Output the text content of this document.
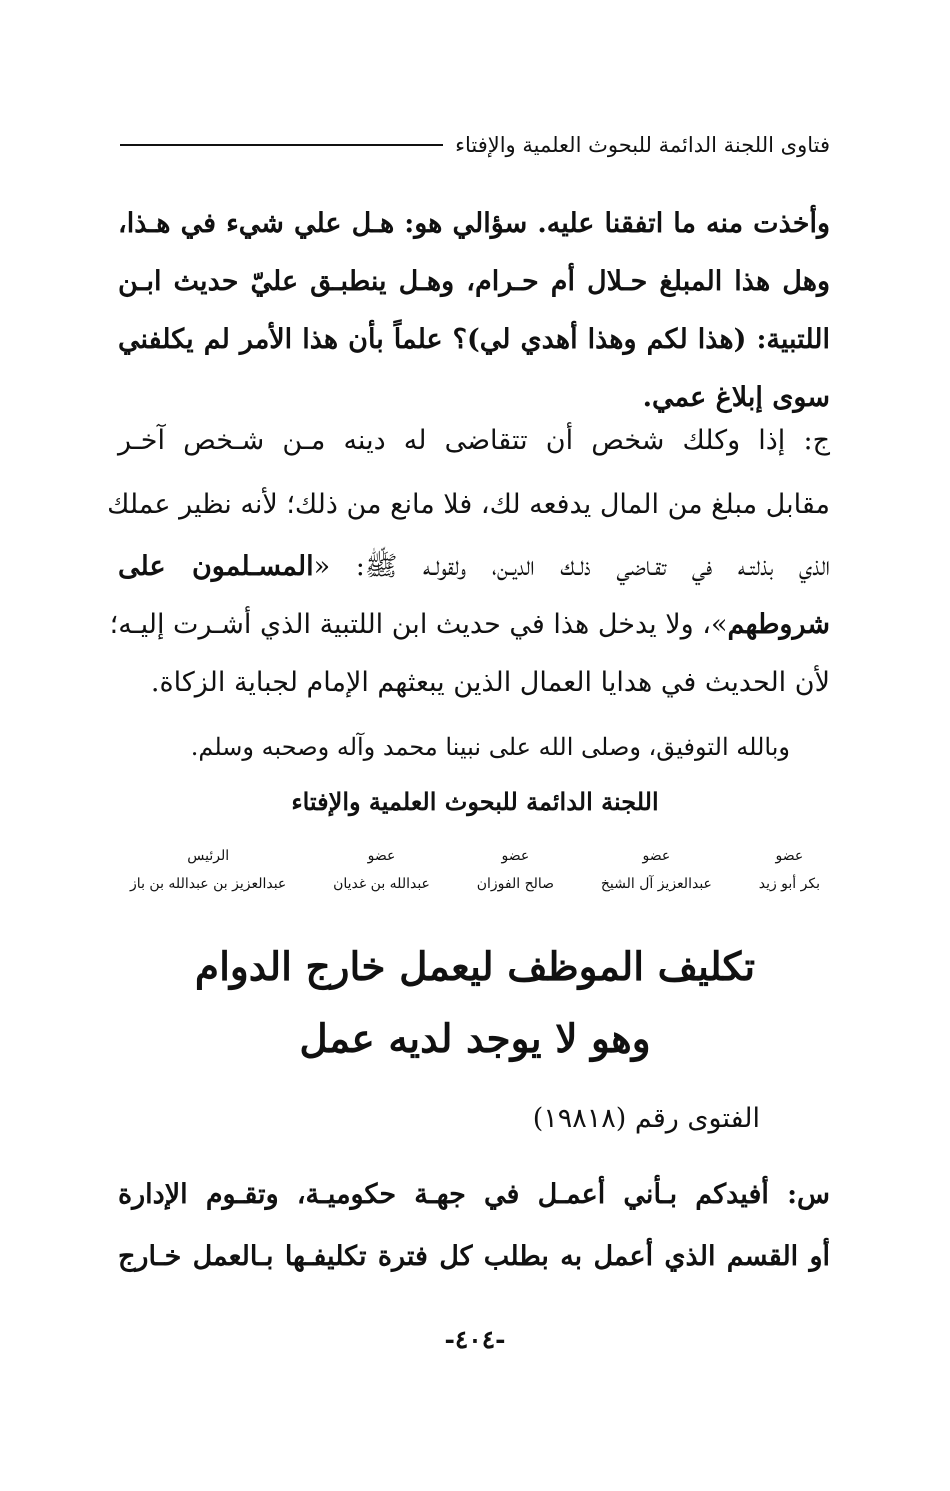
فتاوى اللجنة الدائمة للبحوث العلمية والإفتاء
وأخذت منه ما اتفقنا عليه. سؤالي هو: هـل علي شيء في هـذا،
وهل هذا المبلغ حـلال أم حـرام، وهـل ينطبـق عليّ حديث ابـن
اللتبية: (هذا لكم وهذا أهدي لي)؟ علماً بأن هذا الأمر لم يكلفني
سوى إبلاغ عمي.
ج: إذا وكلك شخص أن تتقاضى له دينه مـن شـخص آخـر
مقابل مبلغ من المال يدفعه لك، فلا مانع من ذلك؛ لأنه نظير عملك
الذي بذلتـه في تقـاضي ذلـك الديـن، ولقولـه ﷺ: «المسـلمون على
شروطهم»، ولا يدخل هذا في حديث ابن اللتبية الذي أشـرت إليـه؛
لأن الحديث في هدايا العمال الذين يبعثهم الإمام لجباية الزكاة.
وبالله التوفيق، وصلى الله على نبينا محمد وآله وصحبه وسلم.
اللجنة الدائمة للبحوث العلمية والإفتاء
عضو
بكر أبو زيد
عضو
عبدالعزيز آل الشيخ
عضو
صالح الفوزان
عضو
عبدالله بن غديان
الرئيس
عبدالعزيز بن عبدالله بن باز
تكليف الموظف ليعمل خارج الدوام
وهو لا يوجد لديه عمل
الفتوى رقم (١٩٨١٨)
س: أفيدكم بـأني أعمـل في جهـة حكوميـة، وتقـوم الإدارة
أو القسم الذي أعمل به بطلب كل فترة تكليفـها بـالعمل خـارج
-٤٠٤-
